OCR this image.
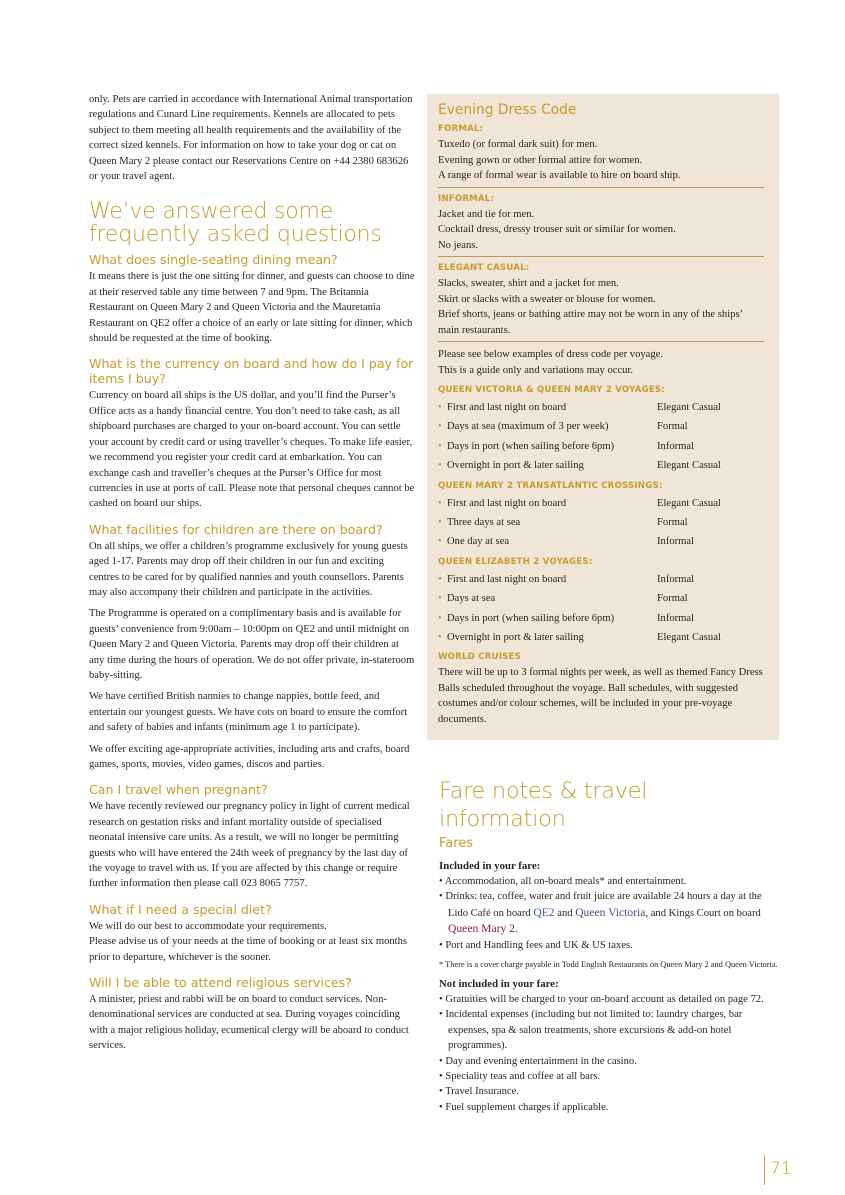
only. Pets are carried in accordance with International Animal transportation regulations and Cunard Line requirements. Kennels are allocated to pets subject to them meeting all health requirements and the availability of the correct sized kennels. For information on how to take your dog or cat on Queen Mary 2 please contact our Reservations Centre on +44 2380 683626 or your travel agent.

We’ve answered some frequently asked questions
What does single-seating dining mean?

It means there is just the one sitting for dinner, and guests can choose to dine at their reserved table any time between 7 and 9pm. The Britannia Restaurant on Queen Mary 2 and Queen Victoria and the Mauretania Restaurant on QE2 offer a choice of an early or late sitting for dinner, which should be requested at the time of booking.

What is the currency on board and how do I pay for items I buy?

Currency on board all ships is the US dollar, and you’ll find the Purser’s Office acts as a handy financial centre. You don’t need to take cash, as all shipboard purchases are charged to your on-board account. You can settle your account by credit card or using traveller’s cheques. To make life easier, we recommend you register your credit card at embarkation. You can exchange cash and traveller’s cheques at the Purser’s Office for most currencies in use at ports of call. Please note that personal cheques cannot be cashed on board our ships.

What facilities for children are there on board?

On all ships, we offer a children’s programme exclusively for young guests aged 1-17. Parents may drop off their children in our fun and exciting centres to be cared for by qualified nannies and youth counsellors. Parents may also accompany their children and participate in the activities.

The Programme is operated on a complimentary basis and is available for guests’ convenience from 9:00am – 10:00pm on QE2 and until midnight on Queen Mary 2 and Queen Victoria. Parents may drop off their children at any time during the hours of operation. We do not offer private, in-stateroom baby-sitting.

We have certified British nannies to change nappies, bottle feed, and entertain our youngest guests. We have cots on board to ensure the comfort and safety of babies and infants (minimum age 1 to participate).

We offer exciting age-appropriate activities, including arts and crafts, board games, sports, movies, video games, discos and parties.

Can I travel when pregnant?

We have recently reviewed our pregnancy policy in light of current medical research on gestation risks and infant mortality outside of specialised neonatal intensive care units. As a result, we will no longer be permitting guests who will have entered the 24th week of pregnancy by the last day of the voyage to travel with us. If you are affected by this change or require further information then please call 023 8065 7757.

What if I need a special diet?

We will do our best to accommodate your requirements.

Please advise us of your needs at the time of booking or at least six months prior to departure, whichever is the sooner.

Will I be able to attend religious services?

A minister, priest and rabbi will be on board to conduct services. Non-denominational services are conducted at sea. During voyages coinciding with a major religious holiday, ecumenical clergy will be aboard to conduct services.

Evening Dress Code
FORMAL:

Tuxedo (or formal dark suit) for men.

Evening gown or other formal attire for women.

A range of formal wear is available to hire on board ship.

INFORMAL:

Jacket and tie for men.

Cocktail dress, dressy trouser suit or similar for women.

No jeans.

ELEGANT CASUAL:

Slacks, sweater, shirt and a jacket for men.

Skirt or slacks with a sweater or blouse for women.

Brief shorts, jeans or bathing attire may not be worn in any of the ships’ main restaurants.

Please see below examples of dress code per voyage.

This is a guide only and variations may occur.

QUEEN VICTORIA & QUEEN MARY 2 VOYAGES:
• First and last night on board	Elegant Casual
• Days at sea (maximum of 3 per week)	Formal
• Days in port (when sailing before 6pm)	Informal
• Overnight in port & later sailing	Elegant Casual
QUEEN MARY 2 TRANSATLANTIC CROSSINGS:
• First and last night on board	Elegant Casual
• Three days at sea	Formal
• One day at sea	Informal
QUEEN ELIZABETH 2 VOYAGES:
• First and last night on board	Informal
• Days at sea	Formal
• Days in port (when sailing before 6pm)	Informal
• Overnight in port & later sailing	Elegant Casual
WORLD CRUISES

There will be up to 3 formal nights per week, as well as themed Fancy Dress Balls scheduled throughout the voyage. Ball schedules, with suggested costumes and/or colour schemes, will be included in your pre-voyage documents.

Fare notes & travel information
Fares

Included in your fare:

• Accommodation, all on-board meals* and entertainment.
• Drinks: tea, coffee, water and fruit juice are available 24 hours a day at the Lido Café on board QE2 and Queen Victoria, and Kings Court on board Queen Mary 2.
• Port and Handling fees and UK & US taxes.

* There is a cover charge payable in Todd English Restaurants on Queen Mary 2 and Queen Victoria.

Not included in your fare:

• Gratuities will be charged to your on-board account as detailed on page 72.
• Incidental expenses (including but not limited to: laundry charges, bar expenses, spa & salon treatments, shore excursions & add-on hotel programmes).
• Day and evening entertainment in the casino.
• Speciality teas and coffee at all bars.
• Travel Insurance.
• Fuel supplement charges if applicable.
71
